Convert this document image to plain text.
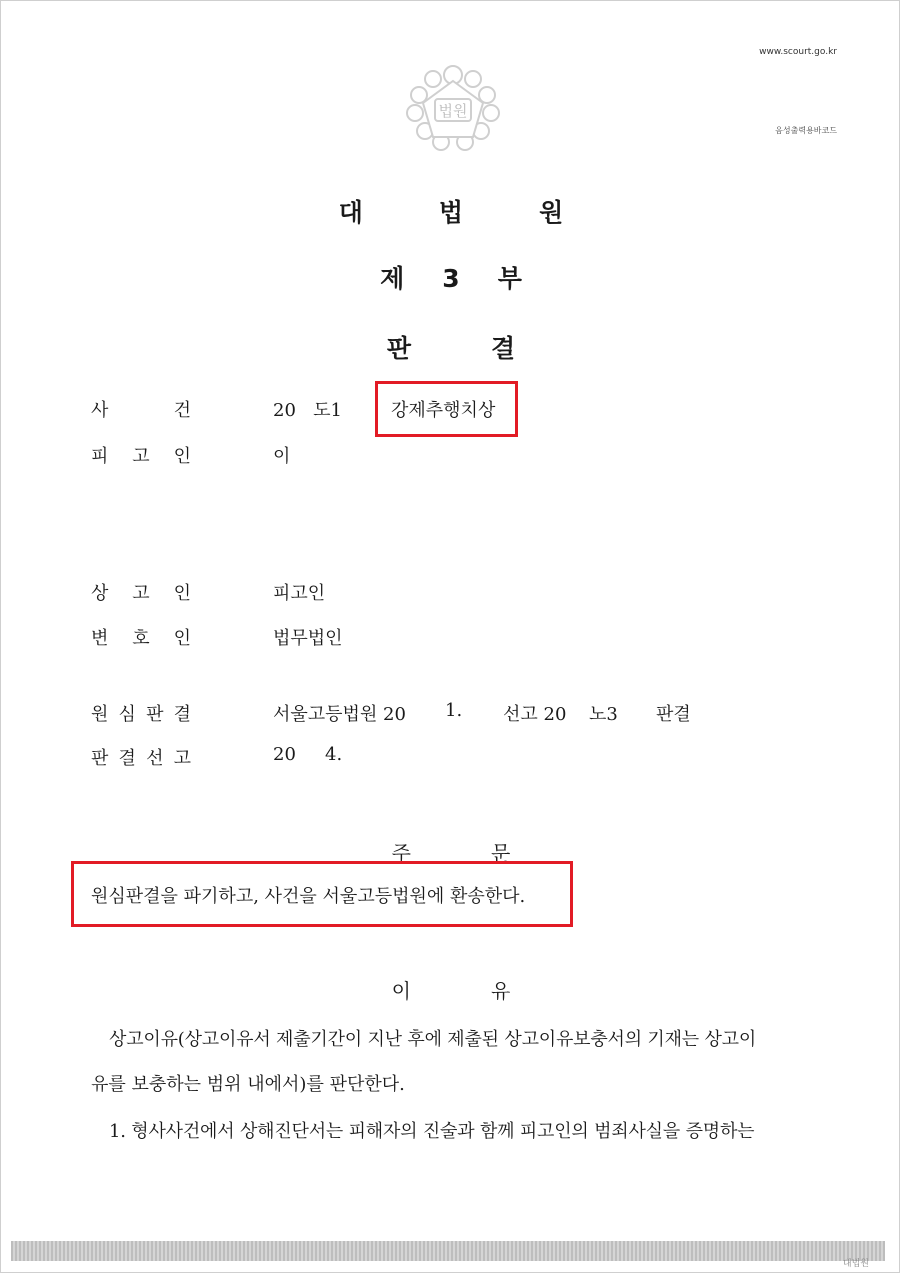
www.scourt.go.kr
음성출력용바코드
법원
대	법	원
제 3 부
판	결
사	건	20   도1	강제추행치상
피 고 인	이
상 고 인	피고인
변 호 인	법무법인
원 심 판 결	서울고등법원 20 1. 선고 20 노3 판결
판 결 선 고	20 4.
주	문
원심판결을 파기하고, 사건을 서울고등법원에 환송한다.
이	유
상고이유(상고이유서 제출기간이 지난 후에 제출된 상고이유보충서의 기재는 상고이
유를 보충하는 범위 내에서)를 판단한다.
1. 형사사건에서 상해진단서는 피해자의 진술과 함께 피고인의 범죄사실을 증명하는
대법원
